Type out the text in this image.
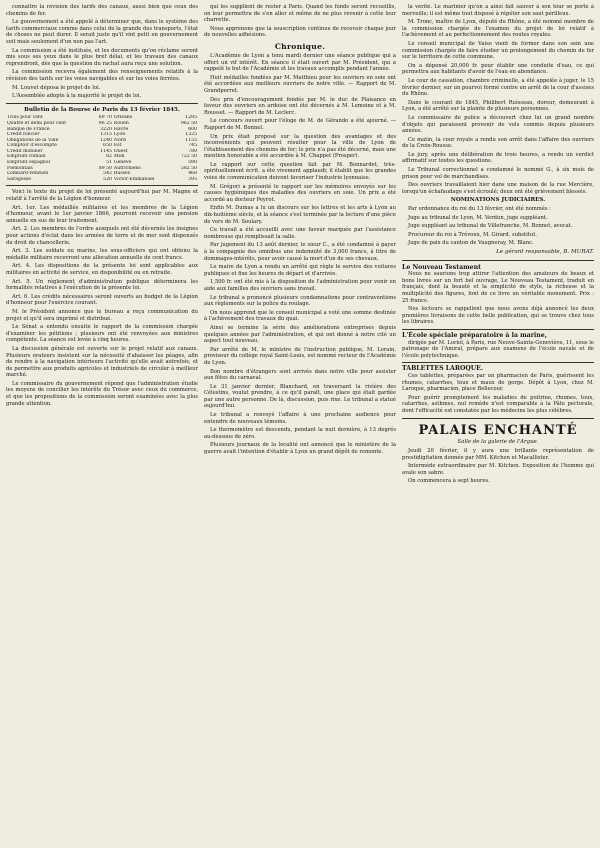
connaître la révision des tarifs des canaux, aussi bien que ceux des chemins de fer.

Le gouvernement a été appelé à déterminer que, dans le système des tarifs commerciaux comme dans celui de la grande des transports, l'état de choses ne peut durer. Il serait juste qu'il vint petit en gouvernement soit mais seulement d'un non pas l'art.

La commission a été instituée, et les documents qu'on réclame seront mis sous ses yeux dans le plus bref délai, et les travaux des canaux reprendront, dès que la question du rachat aura reçu une solution.

La commission recevra également des renseignements relatifs à la révision des tarifs sur les voies navigables et sur les voies ferrées.

M. Louvet déposa le projet de loi.

L'Assemblée adopte à la majorité le projet de loi.

Bulletin de la Bourse de Paris du 13 février 1845.
Trois pour cent	69 70	Orléans	1285
Quatre et demi pour cent	96 25	Rouen	962 50
Banque de France	3220	Havre	600
Crédit foncier	1315	Lyon	1325
Obligations de la Ville	1240	Nord	1155
Comptoir d'escompte	650	Est	745
Crédit mobilier	1145	Ouest	780
Emprunt romain	82	Midi	722 50
Emprunt espagnol	51	Genève	590
Piémontais	89 50	Autrichiens	582 50
Lombard-Vénitien	542	Russes	468
Saragosse	520	Victor-Emmanuel	395

Voici le texte du projet de loi présenté aujourd'hui par M. Magne et relatif à l'arrêté de la Légion d'honneur.

Art. 1er. Les médaillés militaires et les membres de la Légion d'honneur, avant le 1er janvier 1866, pourront recevoir une pension annuelle en sus de leur traitement.

Art. 2. Les membres de l'ordre auxquels ont été décernés les insignes pour actions d'éclat dans les armées de terre et de mer sont dispensés du droit de chancellerie.

Art. 3. Les soldats ou marins, les sous-officiers qui ont obtenu la médaille militaire recevront une allocation annuelle de cent francs.

Art. 4. Les dispositions de la présente loi sont applicables aux militaires en activité de service, en disponibilité ou en retraite.

Art. 5. Un règlement d'administration publique déterminera les formalités relatives à l'exécution de la présente loi.

Art. 6. Les crédits nécessaires seront ouverts au budget de la Légion d'honneur pour l'exercice courant.

M. le Président annonce que le bureau a reçu communication du projet et qu'il sera imprimé et distribué.

Le Sénat a entendu ensuite le rapport de la commission chargée d'examiner les pétitions ; plusieurs ont été renvoyées aux ministres compétents. La séance est levée à cinq heures.

La discussion générale est ouverte sur le projet relatif aux canaux. Plusieurs orateurs insistent sur la nécessité d'abaisser les péages, afin de rendre à la navigation intérieure l'activité qu'elle avait autrefois, et de permettre aux produits agricoles et industriels de circuler à meilleur marché.

Le commissaire du gouvernement répond que l'administration étudie les moyens de concilier les intérêts du Trésor avec ceux du commerce, et que les propositions de la commission seront examinées avec la plus grande attention.

qui les supplient de rester à Paris. Quand les fonds seront recueillis, on leur permettra de s'en aller et même de ne plus revenir à cette leur charrette.

Nous apprenons que la souscription continue de recevoir chaque jour de nouvelles adhésions.

Chronique.

L'Académie de Lyon a tenu mardi dernier une séance publique qui a offert un vif intérêt. En séance il était ouvert par M. Président, qui a rappelé le but de l'Académie et les travaux accomplis pendant l'année.

Huit médailles fondées par M. Matthieu pour les ouvriers en soie ont été accordées aux meilleurs ouvriers de notre ville. — Rapport de M. Grandperret.

Des prix d'encouragement fondés par M. le duc de Plaisance en faveur des ouvriers en ardoise ont été décernés à M. Lemoine et à M. Rousset. — Rapport de M. Leclerc.

Le concours ouvert pour l'éloge de M. de Gérando a été ajourné. — Rapport de M. Bonnel.

Un prix était proposé sur la question des avantages et des inconvénients qui peuvent résulter pour la ville de Lyon de l'établissement des chemins de fer; le prix n'a pas été décerné, mais une mention honorable a été accordée à M. Chappet (Prosper).

Le rapport sur cette question fait par M. Bonnardet, très-spirituellement écrit, a été vivement applaudi; il établit que les grandes voies de communication doivent favoriser l'industrie lyonnaise.

M. Grégori a présenté le rapport sur les mémoires envoyés sur les causes hygiéniques des maladies des ouvriers en soie. Un prix a été accordé au docteur Peyrot.

Enfin M. Dumas a lu un discours sur les lettres et les arts à Lyon au dix-huitième siècle, et la séance s'est terminée par la lecture d'une pièce de vers de M. Soulary.

Ce travail a été accueilli avec une faveur marquée par l'assistance nombreuse qui remplissait la salle.

Par jugement du 13 août dernier, le sieur C., a été condamné à payer à la compagnie des omnibus une indemnité de 3,000 francs, à titre de dommages-intérêts, pour avoir causé la mort d'un de ses chevaux.

Le maire de Lyon a rendu un arrêté qui règle le service des voitures publiques et fixe les heures de départ et d'arrivée.

1,500 fr. ont été mis à la disposition de l'administration pour venir en aide aux familles des ouvriers sans travail.

Le tribunal a prononcé plusieurs condamnations pour contraventions aux règlements sur la police du roulage.

On nous apprend que le conseil municipal a voté une somme destinée à l'achèvement des travaux du quai.

Ainsi se termine la série des améliorations entreprises depuis quelques années par l'administration, et qui ont donné à notre cité un aspect tout nouveau.

Par arrêté de M. le ministre de l'instruction publique, M. Lorain, proviseur du collège royal Saint-Louis, est nommé recteur de l'Académie de Lyon.

Bon nombre d'étrangers sont arrivés dans notre ville pour assister aux fêtes du carnaval.

Le 31 janvier dernier, Blanchard, en traversant la rivière des Célestins, voulut prendre, à ce qu'il paraît, une place qui était gardée par une autre personne. De là, discussion, puis rixe. Le tribunal a statué aujourd'hui.

Le tribunal a renvoyé l'affaire à une prochaine audience pour entendre de nouveaux témoins.

Le thermomètre est descendu, pendant la nuit dernière, à 13 degrés au-dessous de zéro.

Plusieurs journaux de la localité ont annoncé que le ministère de la guerre avait l'intention d'établir à Lyon un grand dépôt de remonte.

la vérité. Le marinier qu'on a ainsi fait sauver à son tour se porte à merveille; il est même tout disposé à répéter son saut périlleux.

M. Tronc, maître de Lyon, député du Rhône, a été nommé membre de la commission chargée de l'examen du projet de loi relatif à l'achèvement et au perfectionnement des routes royales.

Le conseil municipal de Vaise vient de former dans son sein une commission chargée de faire étudier un prolongement du chemin de fer sur le territoire de cette commune.

On a dépensé 20,000 fr. pour établir une conduite d'eau, ce qui permettra aux habitants d'avoir de l'eau en abondance.

Le cour de cassation, chambre criminelle, a été appelée à juger, le 15 février dernier, sur un pourvoi formé contre un arrêt de la cour d'assises du Rhône.

Dans le courant de 1845, Philibert Ruisseau, doreur, demeurant à Lyon, a été arrêté sur la plainte de plusieurs personnes.

Le commissaire de police a découvert chez lui un grand nombre d'objets qui paraissent provenir de vols commis depuis plusieurs années.

Ce matin, la cour royale a rendu son arrêt dans l'affaire des ouvriers de la Croix-Rousse.

Le jury, après une délibération de trois heures, a rendu un verdict affirmatif sur toutes les questions.

Le Tribunal correctionnel a condamné le nommé G., à six mois de prison pour vol de marchandises.

Des ouvriers travaillaient hier dans une maison de la rue Mercière, lorsqu'un échafaudage s'est écroulé; deux ont été grièvement blessés.

NOMINATIONS JUDICIAIRES.

Par ordonnance du roi du 13 février, ont été nommés :

Juge au tribunal de Lyon, M. Verdun, juge suppléant.

Juge suppléant au tribunal de Villefranche, M. Bonnet, avocat.

Procureur du roi à Trévoux, M. Girard, substitut.

Juge de paix du canton de Vaugneray, M. Blanc.

Le gérant responsable, B. MURAT.
Le Nouveau Testament

Nous ne saurions trop attirer l'attention des amateurs de beaux et bons livres sur un fort bel ouvrage, Le Nouveau Testament, traduit en français, dont la beauté et la simplicité de style, la richesse et la multiplicité des figures, font de ce livre un véritable monument. Prix : 25 francs.

Nos lecteurs se rappellent que nous avons déjà annoncé les deux premières livraisons de cette belle publication, qui se trouve chez tous les libraires.

L'École spéciale préparatoire à la marine,

dirigée par M. Loriol, à Paris, rue Neuve-Sainte-Geneviève, 11, sous le patronage de l'Amiral, prépare aux examens de l'école navale et de l'école polytechnique.

TABLETTES LAROQUE.

Ces tablettes, préparées par un pharmacien de Paris, guérissent les rhumes, catarrhes, toux et maux de gorge. Dépôt à Lyon, chez M. Laroque, pharmacien, place Bellecour.

Pour guérir promptement les maladies de poitrine, rhumes, toux, catarrhes, asthmes, nul remède n'est comparable à la Pâte pectorale, dont l'efficacité est constatée par les médecins les plus célèbres.

PALAIS ENCHANTÉ
Salle de la galerie de l'Argue.

Jeudi 20 février, il y aura une brillante représentation de prestidigitation donnée par MM. Kitchen et Macallister.

Intermède extraordinaire par M. Kitchen. Exposition de l'homme qui avale son sabre.

On commencera à sept heures.
